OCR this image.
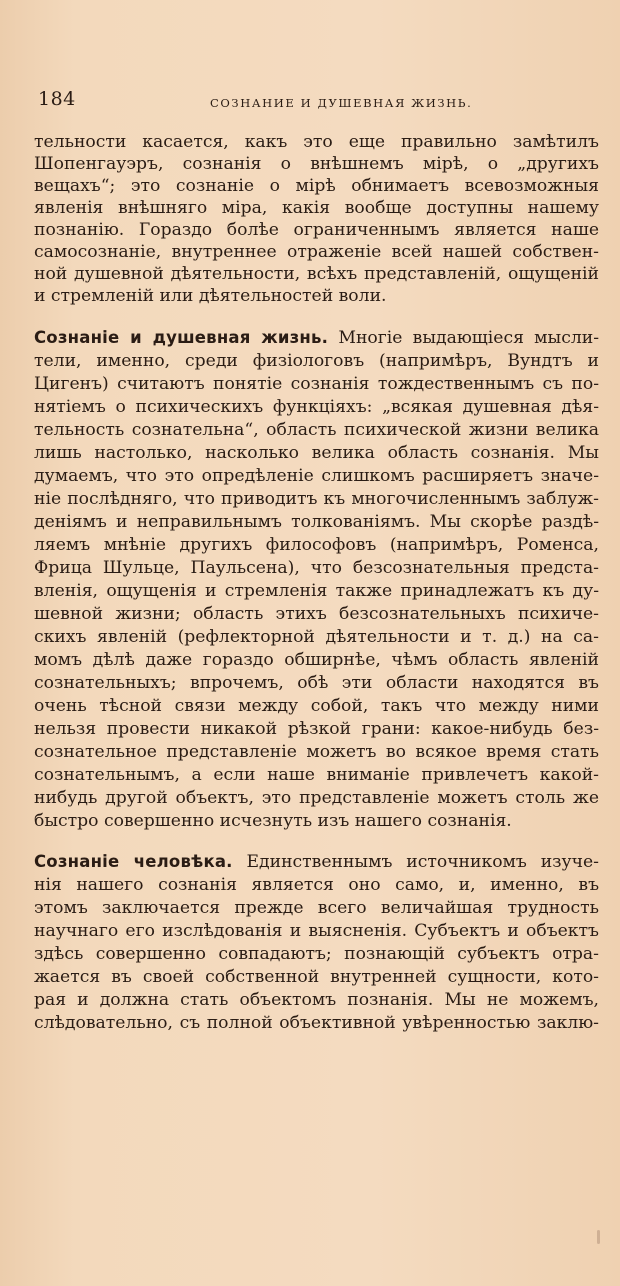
184	СОЗНАНИЕ И ДУШЕВНАЯ ЖИЗНЬ.
тельности касается, какъ это еще правильно замѣтилъ
Шопенгауэръ, сознанія о внѣшнемъ мірѣ, о „другихъ
вещахъ“; это сознаніе о мірѣ обнимаетъ всевозможныя
явленія внѣшняго міра, какія вообще доступны нашему
познанію. Гораздо болѣе ограниченнымъ является наше
самосознаніе, внутреннее отраженіе всей нашей собствен-
ной душевной дѣятельности, всѣхъ представленій, ощущеній
и стремленій или дѣятельностей воли.
Сознаніе и душевная жизнь. Многіе выдающіеся мысли-
тели, именно, среди физіологовъ (напримѣръ, Вундтъ и
Цигенъ) считаютъ понятіе сознанія тождественнымъ съ по-
нятіемъ о психическихъ функціяхъ: „всякая душевная дѣя-
тельность сознательна“, область психической жизни велика
лишь настолько, насколько велика область сознанія. Мы
думаемъ, что это опредѣленіе слишкомъ расширяетъ значе-
ніе послѣдняго, что приводитъ къ многочисленнымъ заблуж-
деніямъ и неправильнымъ толкованіямъ. Мы скорѣе раздѣ-
ляемъ мнѣніе другихъ философовъ (напримѣръ, Роменса,
Фрица Шульце, Паульсена), что безсознательныя предста-
вленія, ощущенія и стремленія также принадлежатъ къ ду-
шевной жизни; область этихъ безсознательныхъ психиче-
скихъ явленій (рефлекторной дѣятельности и т. д.) на са-
момъ дѣлѣ даже гораздо обширнѣе, чѣмъ область явленій
сознательныхъ; впрочемъ, обѣ эти области находятся въ
очень тѣсной связи между собой, такъ что между ними
нельзя провести никакой рѣзкой грани: какое-нибудь без-
сознательное представленіе можетъ во всякое время стать
сознательнымъ, а если наше вниманіе привлечетъ какой-
нибудь другой объектъ, это представленіе можетъ столь же
быстро совершенно исчезнуть изъ нашего сознанія.
Сознаніе человѣка. Единственнымъ источникомъ изуче-
нія нашего сознанія является оно само, и, именно, въ
этомъ заключается прежде всего величайшая трудность
научнаго его изслѣдованія и выясненія. Субъектъ и объектъ
здѣсь совершенно совпадаютъ; познающій субъектъ отра-
жается въ своей собственной внутренней сущности, кото-
рая и должна стать объектомъ познанія. Мы не можемъ,
слѣдовательно, съ полной объективной увѣренностью заклю-
